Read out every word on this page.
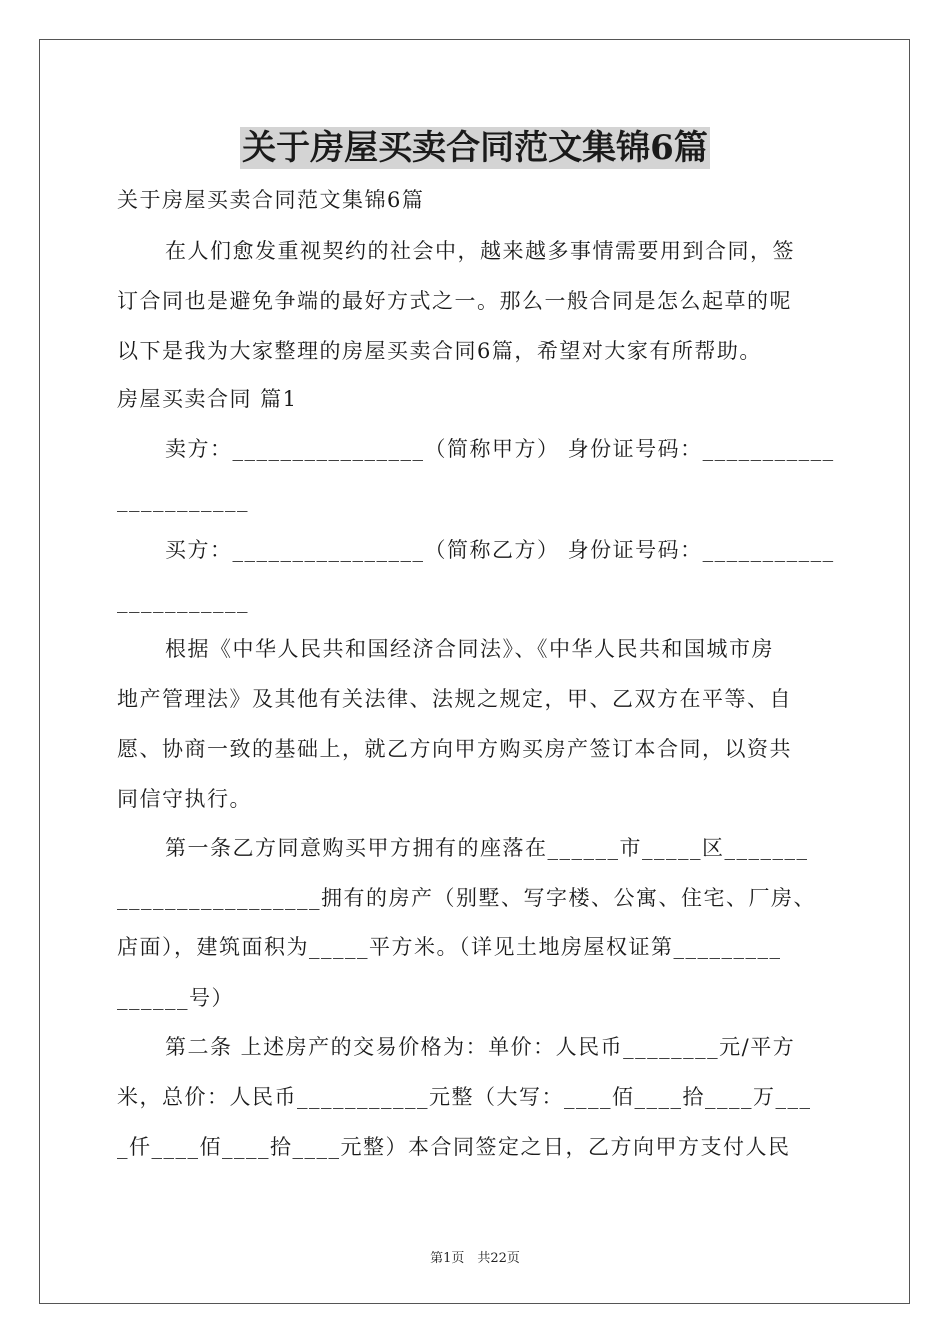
关于房屋买卖合同范文集锦6篇
关于房屋买卖合同范文集锦6篇
在人们愈发重视契约的社会中，越来越多事情需要用到合同，签
订合同也是避免争端的最好方式之一。那么一般合同是怎么起草的呢
以下是我为大家整理的房屋买卖合同6篇，希望对大家有所帮助。
房屋买卖合同 篇1
卖方：________________（简称甲方） 身份证号码：___________
___________
买方：________________（简称乙方） 身份证号码：___________
___________
根据《中华人民共和国经济合同法》、《中华人民共和国城市房
地产管理法》及其他有关法律、法规之规定，甲、乙双方在平等、自
愿、协商一致的基础上，就乙方向甲方购买房产签订本合同，以资共
同信守执行。
第一条乙方同意购买甲方拥有的座落在______市_____区_______
_________________拥有的房产（别墅、写字楼、公寓、住宅、厂房、
店面），建筑面积为_____平方米。（详见土地房屋权证第_________
______号）
第二条 上述房产的交易价格为：单价：人民币________元/平方
米，总价：人民币___________元整（大写：____佰____拾____万___
_仟____佰____拾____元整）本合同签定之日，乙方向甲方支付人民
第1页　共22页
